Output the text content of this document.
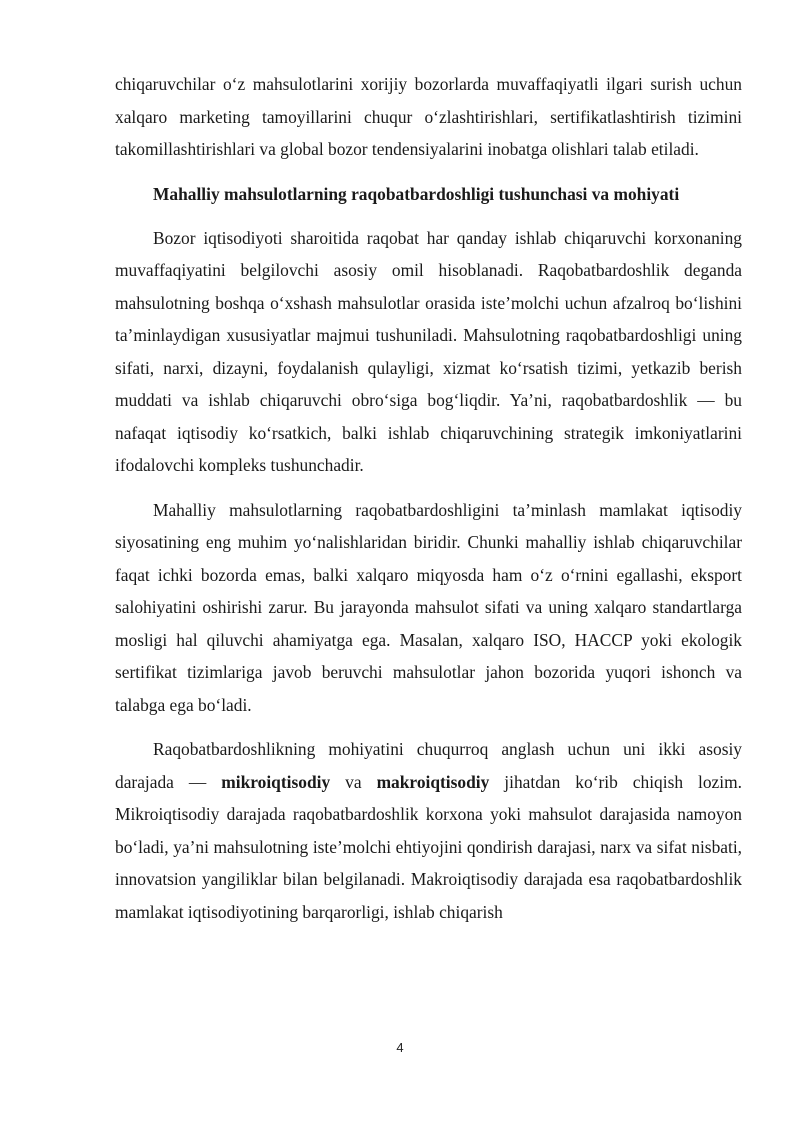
chiqaruvchilar o‘z mahsulotlarini xorijiy bozorlarda muvaffaqiyatli ilgari surish uchun xalqaro marketing tamoyillarini chuqur o‘zlashtirishlari, sertifikatlashtirish tizimini takomillashtirishlari va global bozor tendensiyalarini inobatga olishlari talab etiladi.

Mahalliy mahsulotlarning raqobatbardoshligi tushunchasi va mohiyati

Bozor iqtisodiyoti sharoitida raqobat har qanday ishlab chiqaruvchi korxonaning muvaffaqiyatini belgilovchi asosiy omil hisoblanadi. Raqobatbardoshlik deganda mahsulotning boshqa o‘xshash mahsulotlar orasida iste’molchi uchun afzalroq bo‘lishini ta’minlaydigan xususiyatlar majmui tushuniladi. Mahsulotning raqobatbardoshligi uning sifati, narxi, dizayni, foydalanish qulayligi, xizmat ko‘rsatish tizimi, yetkazib berish muddati va ishlab chiqaruvchi obro‘siga bog‘liqdir. Ya’ni, raqobatbardoshlik — bu nafaqat iqtisodiy ko‘rsatkich, balki ishlab chiqaruvchining strategik imkoniyatlarini ifodalovchi kompleks tushunchadir.

Mahalliy mahsulotlarning raqobatbardoshligini ta’minlash mamlakat iqtisodiy siyosatining eng muhim yo‘nalishlaridan biridir. Chunki mahalliy ishlab chiqaruvchilar faqat ichki bozorda emas, balki xalqaro miqyosda ham o‘z o‘rnini egallashi, eksport salohiyatini oshirishi zarur. Bu jarayonda mahsulot sifati va uning xalqaro standartlarga mosligi hal qiluvchi ahamiyatga ega. Masalan, xalqaro ISO, HACCP yoki ekologik sertifikat tizimlariga javob beruvchi mahsulotlar jahon bozorida yuqori ishonch va talabga ega bo‘ladi.

Raqobatbardoshlikning mohiyatini chuqurroq anglash uchun uni ikki asosiy darajada — mikroiqtisodiy va makroiqtisodiy jihatdan ko‘rib chiqish lozim. Mikroiqtisodiy darajada raqobatbardoshlik korxona yoki mahsulot darajasida namoyon bo‘ladi, ya’ni mahsulotning iste’molchi ehtiyojini qondirish darajasi, narx va sifat nisbati, innovatsion yangiliklar bilan belgilanadi. Makroiqtisodiy darajada esa raqobatbardoshlik mamlakat iqtisodiyotining barqarorligi, ishlab chiqarish

4
